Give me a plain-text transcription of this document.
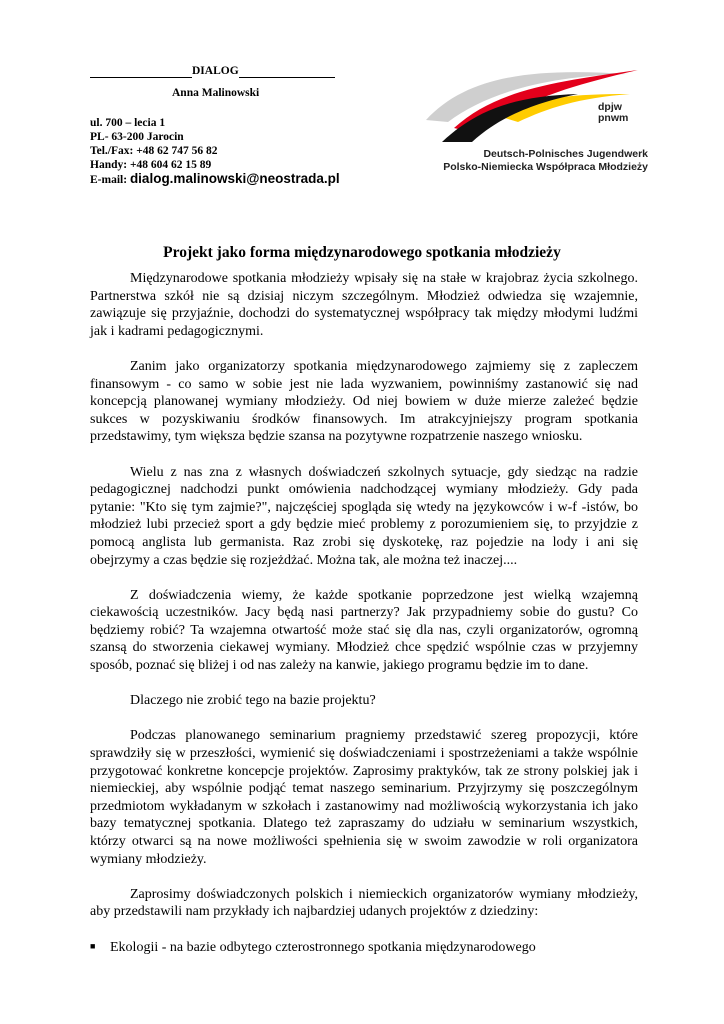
DIALOG
Anna Malinowski
ul. 700 – lecia 1
PL- 63-200 Jarocin
Tel./Fax: +48 62 747 56 82
Handy: +48 604 62 15 89
E-mail: dialog.malinowski@neostrada.pl
dpjw
pnwm
Deutsch-Polnisches Jugendwerk
Polsko-Niemiecka Współpraca Młodzieży
Projekt jako forma międzynarodowego spotkania młodzieży

Międzynarodowe spotkania młodzieży wpisały się na stałe w krajobraz życia szkolnego. Partnerstwa szkół nie są dzisiaj niczym szczególnym. Młodzież odwiedza się wzajemnie, zawiązuje się przyjaźnie, dochodzi do systematycznej współpracy tak między młodymi ludźmi jak i kadrami pedagogicznymi.

Zanim jako organizatorzy spotkania międzynarodowego zajmiemy się z zapleczem finansowym - co samo w sobie jest nie lada wyzwaniem, powinniśmy zastanowić się nad koncepcją planowanej wymiany młodzieży. Od niej bowiem w duże mierze zależeć będzie sukces w pozyskiwaniu środków finansowych. Im atrakcyjniejszy program spotkania przedstawimy, tym większa będzie szansa na pozytywne rozpatrzenie naszego wniosku.

Wielu z nas zna z własnych doświadczeń szkolnych sytuacje, gdy siedząc na radzie pedagogicznej nadchodzi punkt omówienia nadchodzącej wymiany młodzieży. Gdy pada pytanie: "Kto się tym zajmie?", najczęściej spogląda się wtedy na językowców i w-f -istów, bo młodzież lubi przecież sport a gdy będzie mieć problemy z porozumieniem się, to przyjdzie z pomocą anglista lub germanista. Raz zrobi się dyskotekę, raz pojedzie na lody i ani się obejrzymy a czas będzie się rozjeżdżać. Można tak, ale można też inaczej....

Z doświadczenia wiemy, że każde spotkanie poprzedzone jest wielką wzajemną ciekawością uczestników. Jacy będą nasi partnerzy? Jak przypadniemy sobie do gustu? Co będziemy robić? Ta wzajemna otwartość może stać się dla nas, czyli organizatorów, ogromną szansą do stworzenia ciekawej wymiany. Młodzież chce spędzić wspólnie czas w przyjemny sposób, poznać się bliżej i od nas zależy na kanwie, jakiego programu będzie im to dane.

Dlaczego nie zrobić tego na bazie projektu?

Podczas planowanego seminarium pragniemy przedstawić szereg propozycji, które sprawdziły się w przeszłości, wymienić się doświadczeniami i spostrzeżeniami a także wspólnie przygotować konkretne koncepcje projektów. Zaprosimy praktyków, tak ze strony polskiej jak i niemieckiej, aby wspólnie podjąć temat naszego seminarium. Przyjrzymy się poszczególnym przedmiotom wykładanym w szkołach i zastanowimy nad możliwością wykorzystania ich jako bazy tematycznej spotkania. Dlatego też zapraszamy do udziału w seminarium wszystkich, którzy otwarci są na nowe możliwości spełnienia się w swoim zawodzie w roli organizatora wymiany młodzieży.

Zaprosimy doświadczonych polskich i niemieckich organizatorów wymiany młodzieży, aby przedstawili nam przykłady ich najbardziej udanych projektów z dziedziny:

■	Ekologii - na bazie odbytego czterostronnego spotkania międzynarodowego
